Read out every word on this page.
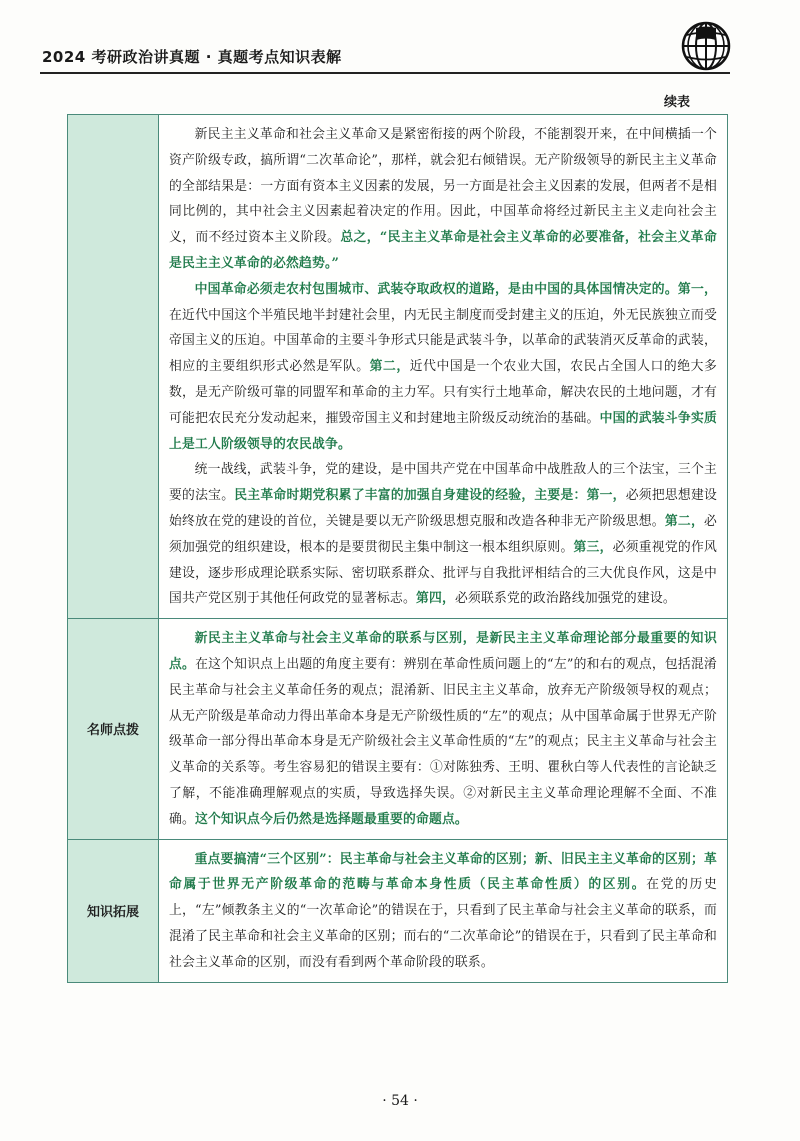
2024 考研政治讲真题 · 真题考点知识表解
续表

新民主主义革命和社会主义革命又是紧密衔接的两个阶段，不能割裂开来，在中间横插一个资产阶级专政，搞所谓“二次革命论”，那样，就会犯右倾错误。无产阶级领导的新民主主义革命的全部结果是：一方面有资本主义因素的发展，另一方面是社会主义因素的发展，但两者不是相同比例的，其中社会主义因素起着决定的作用。因此，中国革命将经过新民主主义走向社会主义，而不经过资本主义阶段。总之，“民主主义革命是社会主义革命的必要准备，社会主义革命是民主主义革命的必然趋势。”

中国革命必须走农村包围城市、武装夺取政权的道路，是由中国的具体国情决定的。第一，在近代中国这个半殖民地半封建社会里，内无民主制度而受封建主义的压迫，外无民族独立而受帝国主义的压迫。中国革命的主要斗争形式只能是武装斗争，以革命的武装消灭反革命的武装，相应的主要组织形式必然是军队。第二，近代中国是一个农业大国，农民占全国人口的绝大多数，是无产阶级可靠的同盟军和革命的主力军。只有实行土地革命，解决农民的土地问题，才有可能把农民充分发动起来，摧毁帝国主义和封建地主阶级反动统治的基础。中国的武装斗争实质上是工人阶级领导的农民战争。

统一战线，武装斗争，党的建设，是中国共产党在中国革命中战胜敌人的三个法宝，三个主要的法宝。民主革命时期党积累了丰富的加强自身建设的经验，主要是：第一，必须把思想建设始终放在党的建设的首位，关键是要以无产阶级思想克服和改造各种非无产阶级思想。第二，必须加强党的组织建设，根本的是要贯彻民主集中制这一根本组织原则。第三，必须重视党的作风建设，逐步形成理论联系实际、密切联系群众、批评与自我批评相结合的三大优良作风，这是中国共产党区别于其他任何政党的显著标志。第四，必须联系党的政治路线加强党的建设。

名师点拨

新民主主义革命与社会主义革命的联系与区别，是新民主主义革命理论部分最重要的知识点。在这个知识点上出题的角度主要有：辨别在革命性质问题上的“左”的和右的观点，包括混淆民主革命与社会主义革命任务的观点；混淆新、旧民主主义革命，放弃无产阶级领导权的观点；从无产阶级是革命动力得出革命本身是无产阶级性质的“左”的观点；从中国革命属于世界无产阶级革命一部分得出革命本身是无产阶级社会主义革命性质的“左”的观点；民主主义革命与社会主义革命的关系等。考生容易犯的错误主要有：①对陈独秀、王明、瞿秋白等人代表性的言论缺乏了解，不能准确理解观点的实质，导致选择失误。②对新民主主义革命理论理解不全面、不准确。这个知识点今后仍然是选择题最重要的命题点。

知识拓展

重点要搞清“三个区别”：民主革命与社会主义革命的区别；新、旧民主主义革命的区别；革命属于世界无产阶级革命的范畴与革命本身性质（民主革命性质）的区别。在党的历史上，“左”倾教条主义的“一次革命论”的错误在于，只看到了民主革命与社会主义革命的联系，而混淆了民主革命和社会主义革命的区别；而右的“二次革命论”的错误在于，只看到了民主革命和社会主义革命的区别，而没有看到两个革命阶段的联系。

· 54 ·
